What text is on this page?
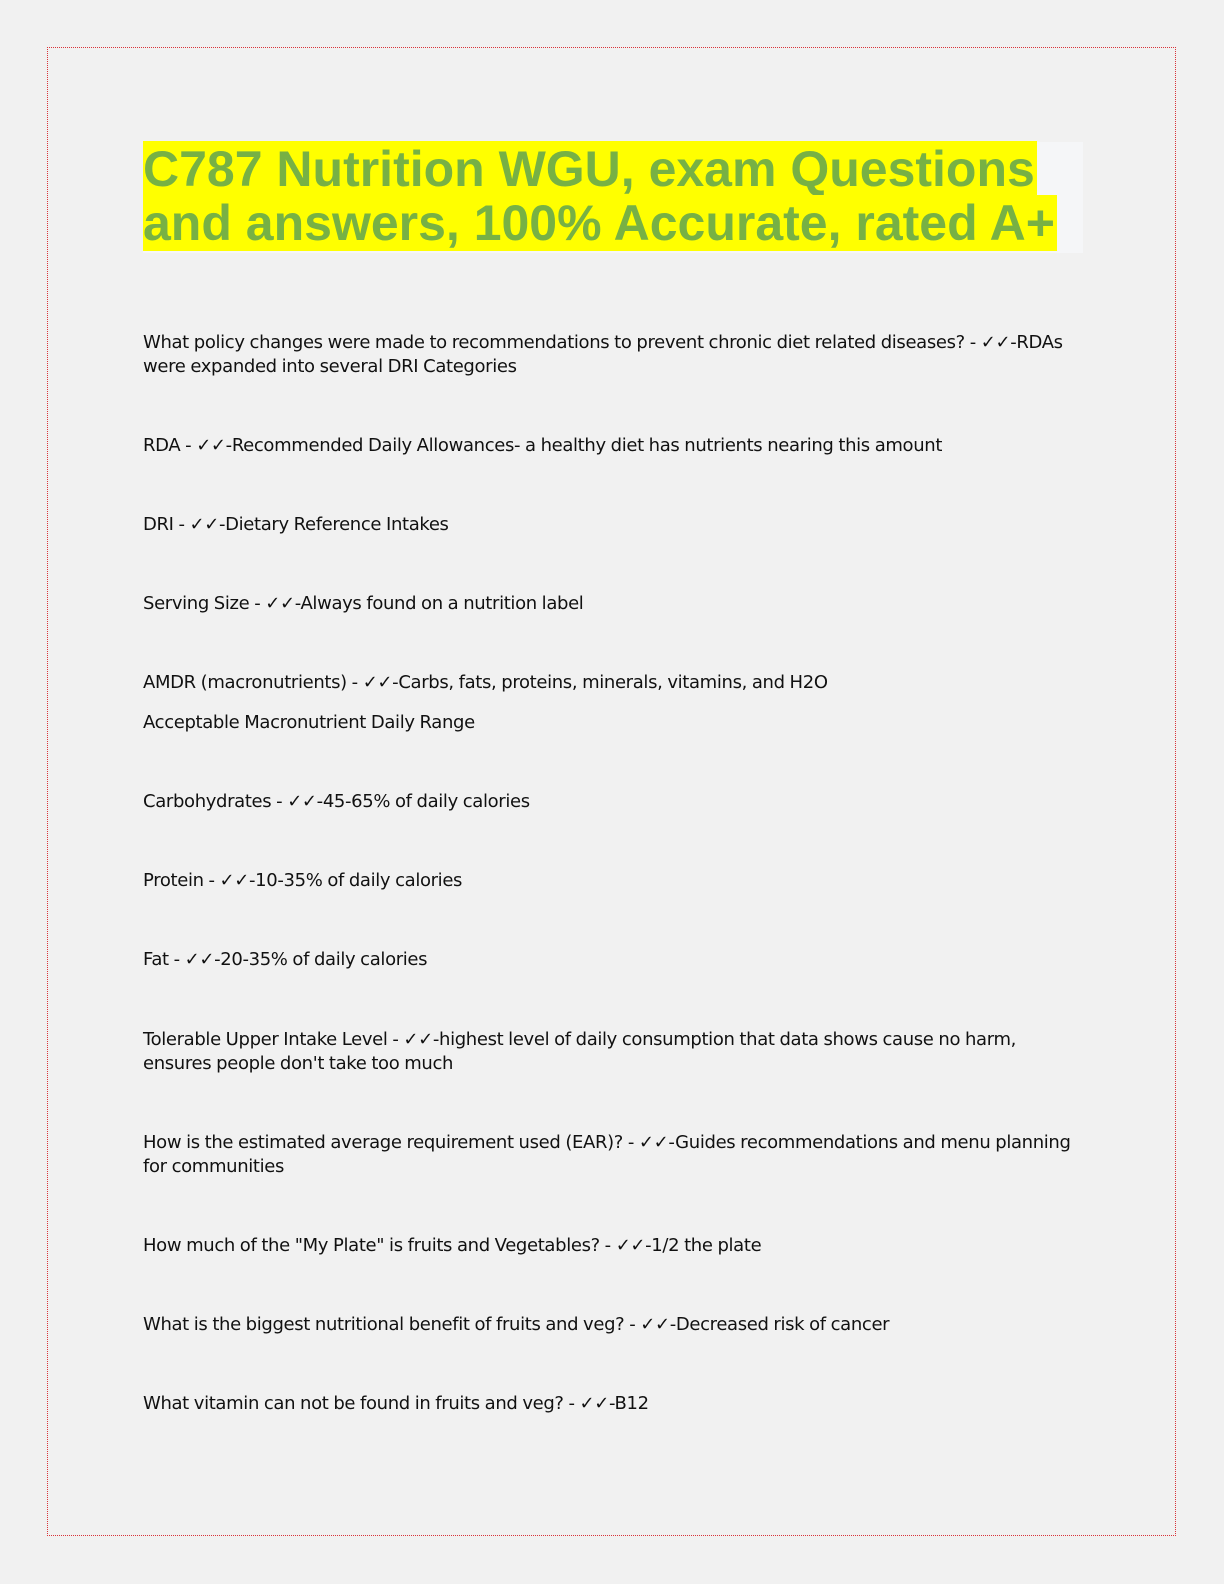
C787 Nutrition WGU, exam Questions
and answers, 100% Accurate, rated A+
What policy changes were made to recommendations to prevent chronic diet related diseases? - ✓✓-RDAs were expanded into several DRI Categories
RDA - ✓✓-Recommended Daily Allowances- a healthy diet has nutrients nearing this amount
DRI - ✓✓-Dietary Reference Intakes
Serving Size - ✓✓-Always found on a nutrition label
AMDR (macronutrients) - ✓✓-Carbs, fats, proteins, minerals, vitamins, and H2O
Acceptable Macronutrient Daily Range
Carbohydrates - ✓✓-45-65% of daily calories
Protein - ✓✓-10-35% of daily calories
Fat - ✓✓-20-35% of daily calories
Tolerable Upper Intake Level - ✓✓-highest level of daily consumption that data shows cause no harm, ensures people don't take too much
How is the estimated average requirement used (EAR)? - ✓✓-Guides recommendations and menu planning for communities
How much of the "My Plate" is fruits and Vegetables? - ✓✓-1/2 the plate
What is the biggest nutritional benefit of fruits and veg? - ✓✓-Decreased risk of cancer
What vitamin can not be found in fruits and veg? - ✓✓-B12
